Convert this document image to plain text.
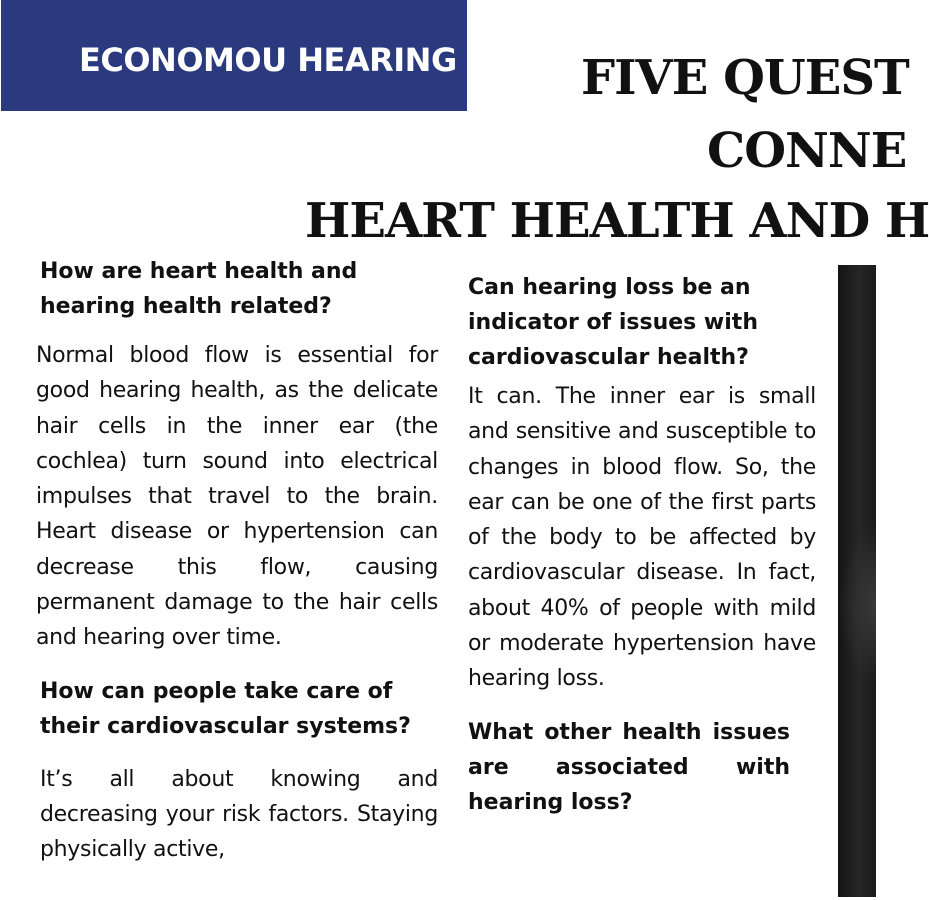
ECONOMOU HEARING	FIVE QUEST
CONNE
HEART HEALTH AND H

How are heart health and hearing health related?

Normal blood flow is essential for good hearing health, as the delicate hair cells in the inner ear (the cochlea) turn sound into electrical impulses that travel to the brain. Heart disease or hypertension can decrease this flow, causing permanent damage to the hair cells and hearing over time.

How can people take care of their cardiovascular systems?

It’s all about knowing and decreasing your risk factors. Staying physically active,

Can hearing loss be an indicator of issues with cardiovascular health?

It can. The inner ear is small and sensitive and susceptible to changes in blood flow. So, the ear can be one of the first parts of the body to be affected by cardiovascular disease. In fact, about 40% of people with mild or moderate hypertension have hearing loss.

What other health issues are associated with hearing loss?
